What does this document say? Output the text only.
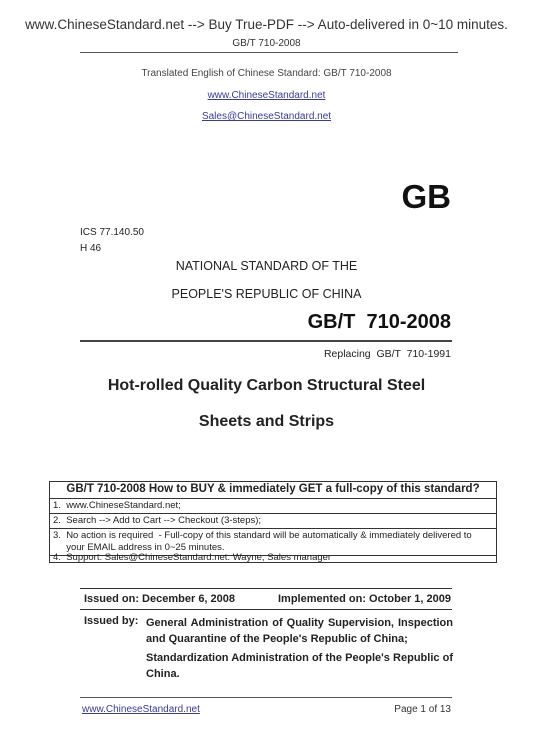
www.ChineseStandard.net --> Buy True-PDF --> Auto-delivered in 0~10 minutes.
GB/T 710-2008
Translated English of Chinese Standard: GB/T 710-2008
www.ChineseStandard.net
Sales@ChineseStandard.net
GB
ICS 77.140.50
H 46
NATIONAL STANDARD OF THE
PEOPLE'S REPUBLIC OF CHINA
GB/T  710-2008
Replacing  GB/T  710-1991
Hot-rolled Quality Carbon Structural Steel
Sheets and Strips
GB/T 710-2008 How to BUY & immediately GET a full-copy of this standard?
1.  www.ChineseStandard.net;
2.  Search --> Add to Cart --> Checkout (3-steps);
3.  No action is required  - Full-copy of this standard will be automatically & immediately delivered to
your EMAIL address in 0~25 minutes.
4.  Support: Sales@ChineseStandard.net. Wayne, Sales manager
Issued on: December 6, 2008	Implemented on: October 1, 2009
Issued by: General Administration of Quality Supervision, Inspection and Quarantine of the People's Republic of China;
Standardization Administration of the People's Republic of China.
www.ChineseStandard.net	Page 1 of 13
